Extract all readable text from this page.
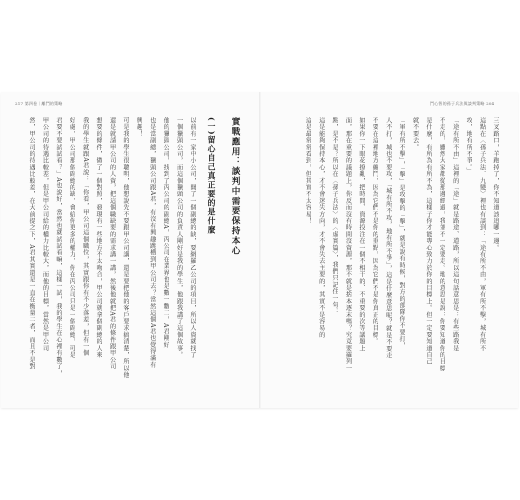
217 第四卷｜離鬥的策略	鬥心智的孫子兵法與談判策略 204
三叉路口，羊跑掉了，你不知道該追哪一邊。
這點在〈孫子兵法．九變〉裡也有談到：「途有所不由，軍有所不擊，城有所不
攻，地有所不爭。」
「途有所不由」這裡的「途」就是路途、道路，所以這句話意思是：有些路我是
不走的，雖然大家都從那邊經過，我並不一定要走。地的意思是說：你要知道你的目標
是什麼，有所為有所不為，這樣子你才能專心致力於你的目標上。但一定要知道自己
就不要去。
「軍有所不擊」，「擊」是攻擊的「擊」，就是說有時候，對方的部隊你不要打，
人不打，城也不要攻，「城有所不攻，地有所不爭」，這是什麼意思呢？就是不要走
不要在這裡地方纏鬥，因為它們不是你的重點，因為它們不是你真正的目標。
如果你一下眼花撩亂，把時間、資源投注在一個不相干的、不重要的次等議題上
面，那在重要的議題上，你反而沒有時間沒資源，那不就是捨本逐末嗎？究竟要羅列一
點，是不是？所以在〈孫子兵法〉的〈虛實篇〉，我們只記住一句：
這是能夠保持本心，才不會迷失方向，才不會失去主要的，其實不是容易的
這是最常常看到，但其實不太容易！
實戰應用：談判中需要保持本心
(一)留心自己真正要的是什麼
以前有一家中小公司，開了一個副總的缺，要網羅乙公司的項目，所以人資就找了
一個獵頭公司，而這個獵頭公司的負責人剛好是我的學生，他跟我講了這個故事。
他的獵頭公司，找到了丙公司的副總A，丙公司在業界也是數一數二，A君剛好
也是當副總，獵頭公司跟A君，有沒有興趣跳槽到甲公司去？當然這個A君也覺得滿有
興趣！
可是我的學生很聰明，他想說先不要跟甲公司講，還是要把他的客戶要求搞清楚，所以他
還是就請甲公司的人資，把這個職缺要的需求講一講，然後他就把A君的條件跟甲公司
想要的條件，做了一個對照，發現有一些地方不太吻合，甲公司就拿個副總的人來
我的學生就跟A君說：「你看，甲公司這個職位，其實跟你有不少落差，但有一個
好處，甲公司那個副總的缺，會給你更多的權力，你在丙公司只是一個副總，可是
君要不要試試看？」A也說好，當然也就試試看嘛，這樣一試，我的學生在心裡有數了，
甲公司的待遇比較差，但是甲公司給的權力比較大，而他的目標，當然是甲公司
然，甲公司的待遇比較差，在大前提之下，A君其實還是一直在衡量二者，而且不是對
